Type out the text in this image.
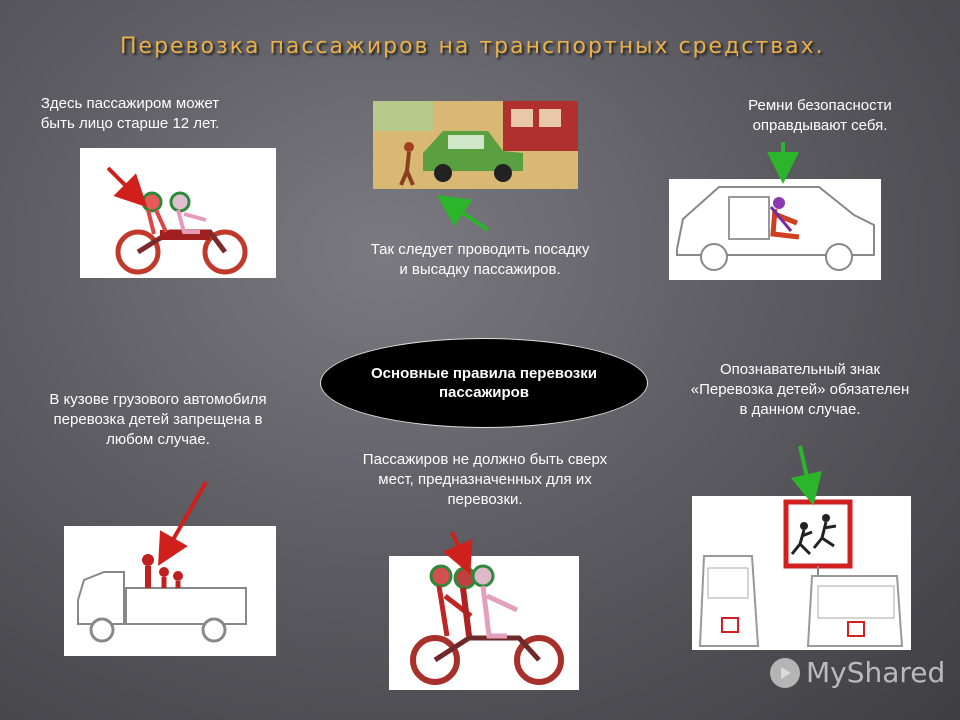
Перевозка пассажиров на транспортных средствах.
Здесь пассажиром может быть лицо старше 12 лет.
Так следует проводить посадку и высадку пассажиров.
Ремни безопасности оправдывают себя.
Основные правила перевозки пассажиров
В кузове грузового автомобиля перевозка детей запрещена в любом случае.
Пассажиров не должно быть сверх мест, предназначенных для их перевозки.
Опознавательный знак «Перевозка детей» обязателен в данном случае.
MyShared
